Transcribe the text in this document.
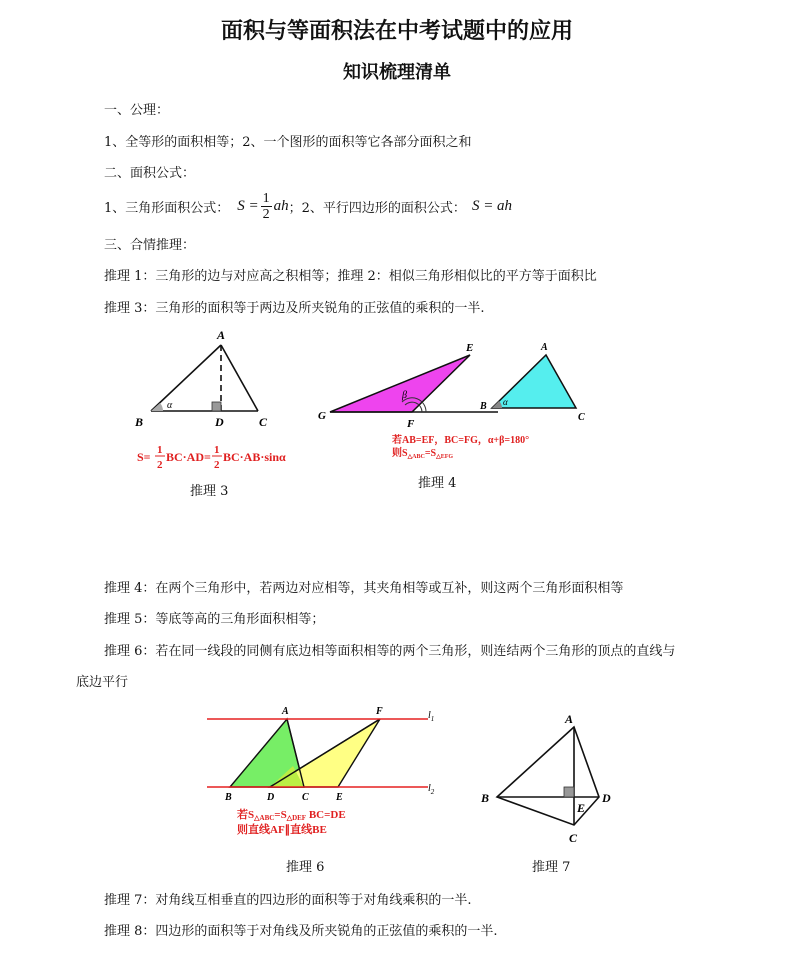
面积与等面积法在中考试题中的应用
知识梳理清单
一、公理：
1、全等形的面积相等；2、一个图形的面积等它各部分面积之和
二、面积公式：
1、三角形面积公式： $S = \frac{1}{2}$ ah ；2、平行四边形的面积公式： S = ah
三、合情推理：
推理 1：三角形的边与对应高之积相等；推理 2：相似三角形相似比的平方等于面积比
推理 3：三角形的面积等于两边及所夹锐角的正弦值的乘积的一半.
A
B	C
D
α
S= 1
2
BC·AD= 1
2
BC·AB·sinα
推理 3
β
E
F
G
α
A
B
C
若AB=EF，BC=FG，α+β=180°
则$S_{\triangle ABC}=S_{\triangle EFG}$
推理 4
推理 4：在两个三角形中，若两边对应相等，其夹角相等或互补，则这两个三角形面积相等
推理 5：等底等高的三角形面积相等；
推理 6：若在同一线段的同侧有底边相等面积相等的两个三角形，则连结两个三角形的顶点的直线与
底边平行
A	F	$l_1$
$l_2$
B	D	C	E
若S△ABC=S△DEF BC=DE
则直线AF∥直线BE
推理 6
A
B
C
D
E
推理 7
推理 7：对角线互相垂直的四边形的面积等于对角线乘积的一半.
推理 8：四边形的面积等于对角线及所夹锐角的正弦值的乘积的一半.
